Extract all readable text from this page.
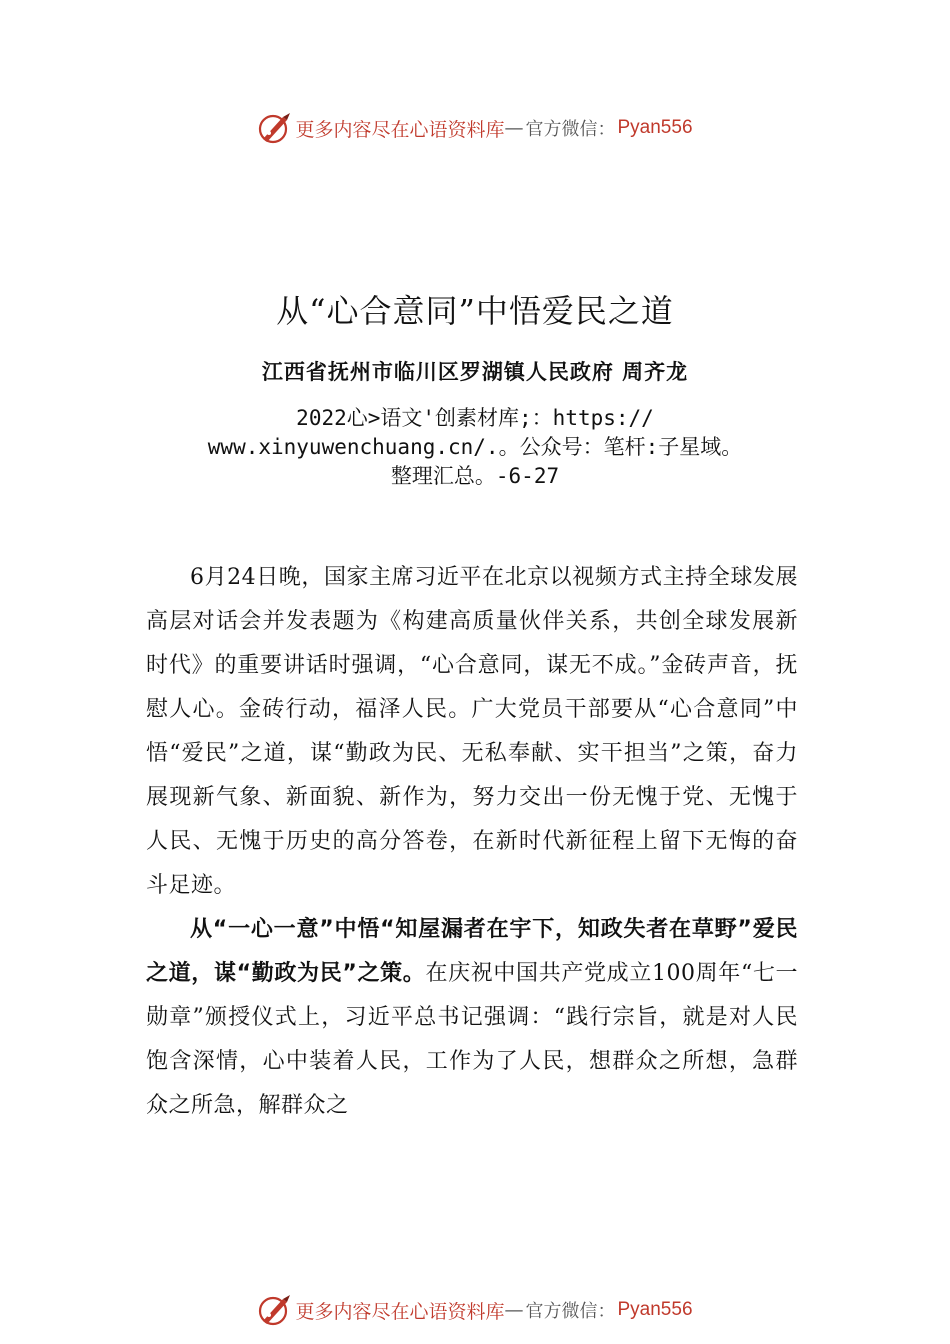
更多内容尽在心语资料库 — 官方微信： Pyan556
从“心合意同”中悟爱民之道
江西省抚州市临川区罗湖镇人民政府 周齐龙
2022心>语文'创素材库;：https://
www.xinyuwenchuang.cn/.。公众号：笔杆:子星域。
整理汇总。-6-27

6月24日晚，国家主席习近平在北京以视频方式主持全球发展高层对话会并发表题为《构建高质量伙伴关系，共创全球发展新时代》的重要讲话时强调，“心合意同，谋无不成。”金砖声音，抚慰人心。金砖行动，福泽人民。广大党员干部要从“心合意同”中悟“爱民”之道，谋“勤政为民、无私奉献、实干担当”之策，奋力展现新气象、新面貌、新作为，努力交出一份无愧于党、无愧于人民、无愧于历史的高分答卷，在新时代新征程上留下无悔的奋斗足迹。

从“一心一意”中悟“知屋漏者在宇下，知政失者在草野”爱民之道，谋“勤政为民”之策。在庆祝中国共产党成立100周年“七一勋章”颁授仪式上，习近平总书记强调：“践行宗旨，就是对人民饱含深情，心中装着人民，工作为了人民，想群众之所想，急群众之所急，解群众之

更多内容尽在心语资料库 — 官方微信： Pyan556
